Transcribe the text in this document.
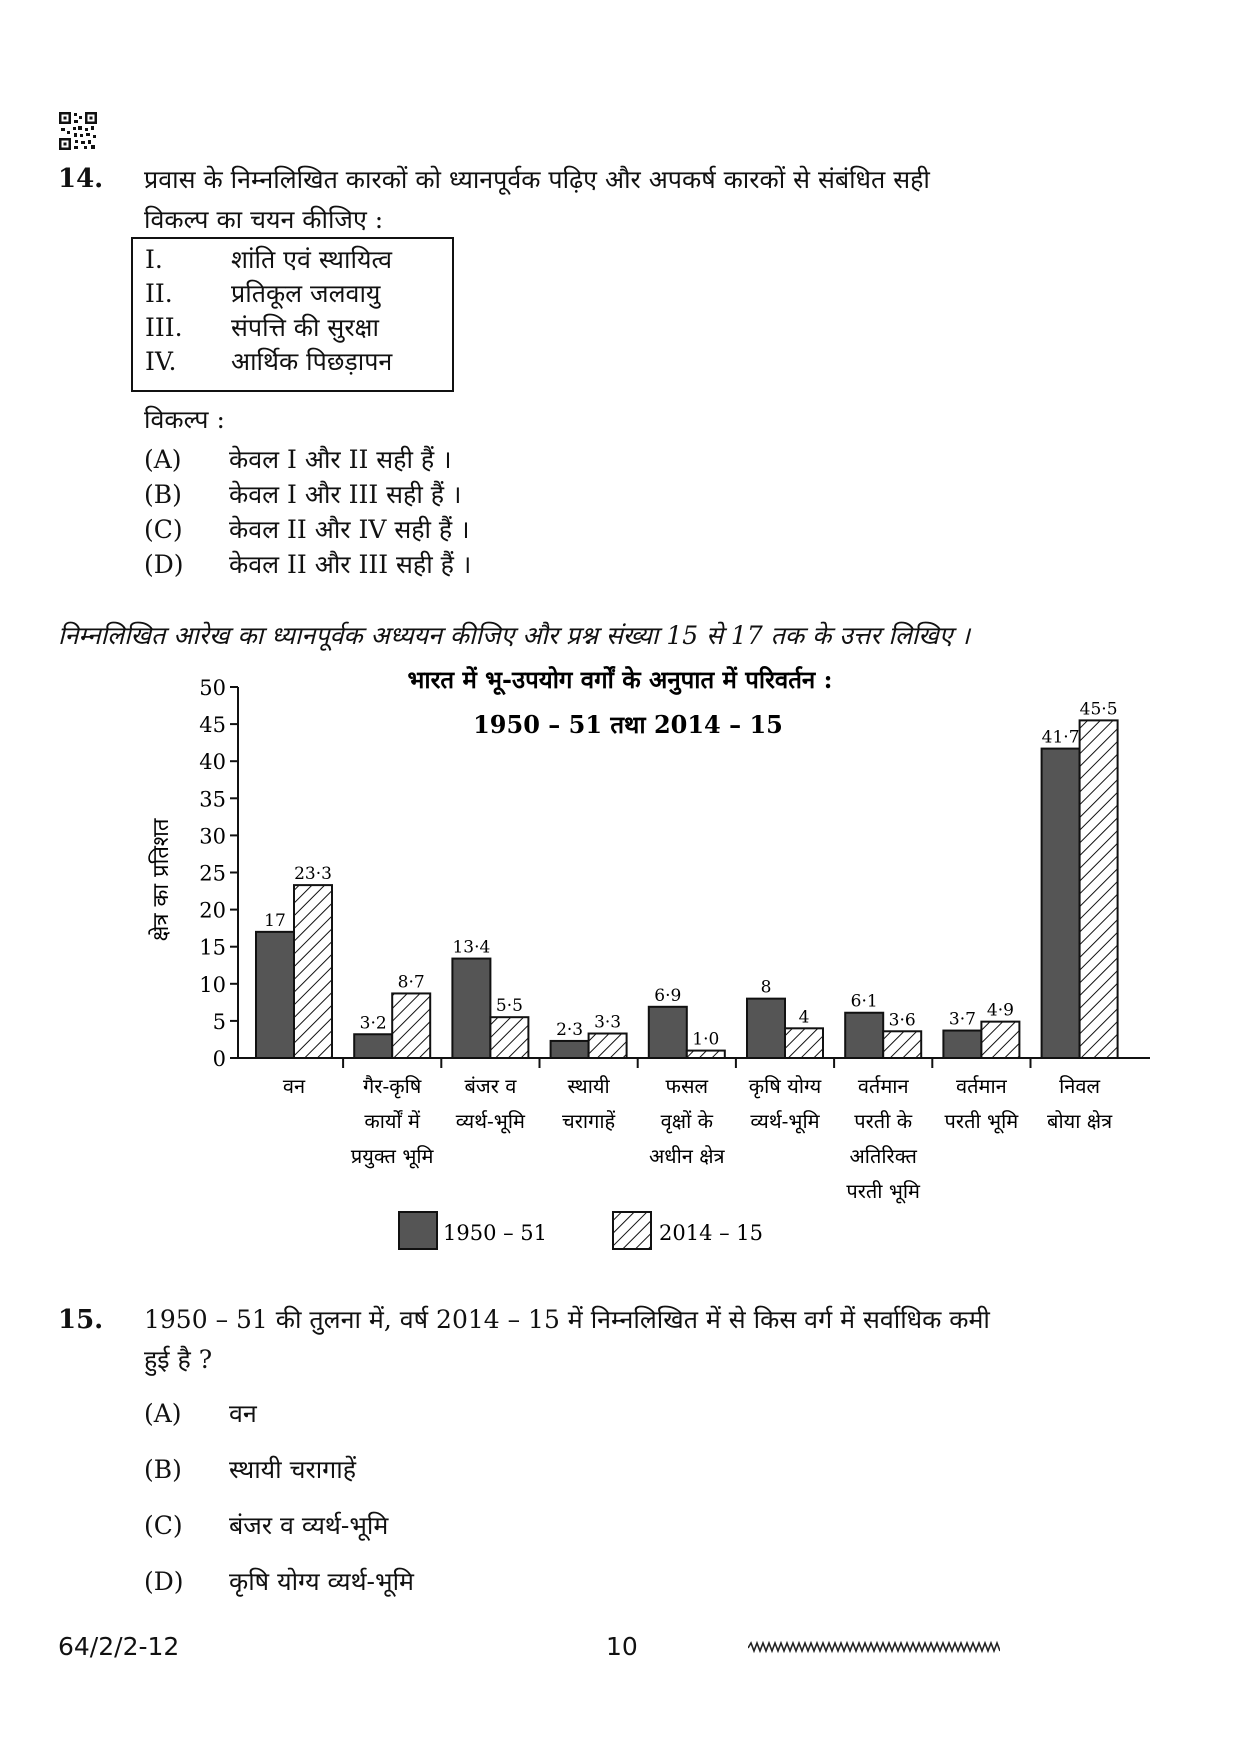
14. प्रवास के निम्नलिखित कारकों को ध्यानपूर्वक पढ़िए और अपकर्ष कारकों से संबंधित सही
विकल्प का चयन कीजिए :
I.	शांति एवं स्थायित्व
II. प्रतिकूल जलवायु
III. संपत्ति की सुरक्षा
IV. आर्थिक पिछड़ापन
विकल्प :
(A) केवल I और II सही हैं ।
(B) केवल I और III सही हैं ।
(C) केवल II और IV सही हैं ।
(D) केवल II और III सही हैं ।
निम्नलिखित आरेख का ध्यानपूर्वक अध्ययन कीजिए और प्रश्न संख्या 15 से 17 तक के उत्तर लिखिए ।
0
5
10
15
20
25
30
35
40
45
50
17
23·3
3·2
8·7
13·4
5·5
2·3 3·3
6·9
1·0
8
4
6·1
3·6 3·7 4·9
41·7
45·5
वन	गैर-कृषि
कार्यों में
प्रयुक्त भूमि
बंजर व
व्यर्थ-भूमि
स्थायी
चरागाहें
फसल
वृक्षों के
अधीन क्षेत्र
कृषि योग्य
व्यर्थ-भूमि
वर्तमान
परती के
अतिरिक्त
परती भूमि
वर्तमान
परती भूमि
निवल
बोया क्षेत्र
भारत में भू-उपयोग वर्गों के अनुपात में परिवर्तन :
1950 – 51 तथा 2014 – 15
क्षेत्र का प्रतिशत
1950 – 51	2014 – 15
15. 1950 – 51 की तुलना में, वर्ष 2014 – 15 में निम्नलिखित में से किस वर्ग में सर्वाधिक कमी
हुई है ?
(A) वन
(B) स्थायी चरागाहें
(C) बंजर व व्यर्थ-भूमि
(D) कृषि योग्य व्यर्थ-भूमि
64/2/2-12	10
